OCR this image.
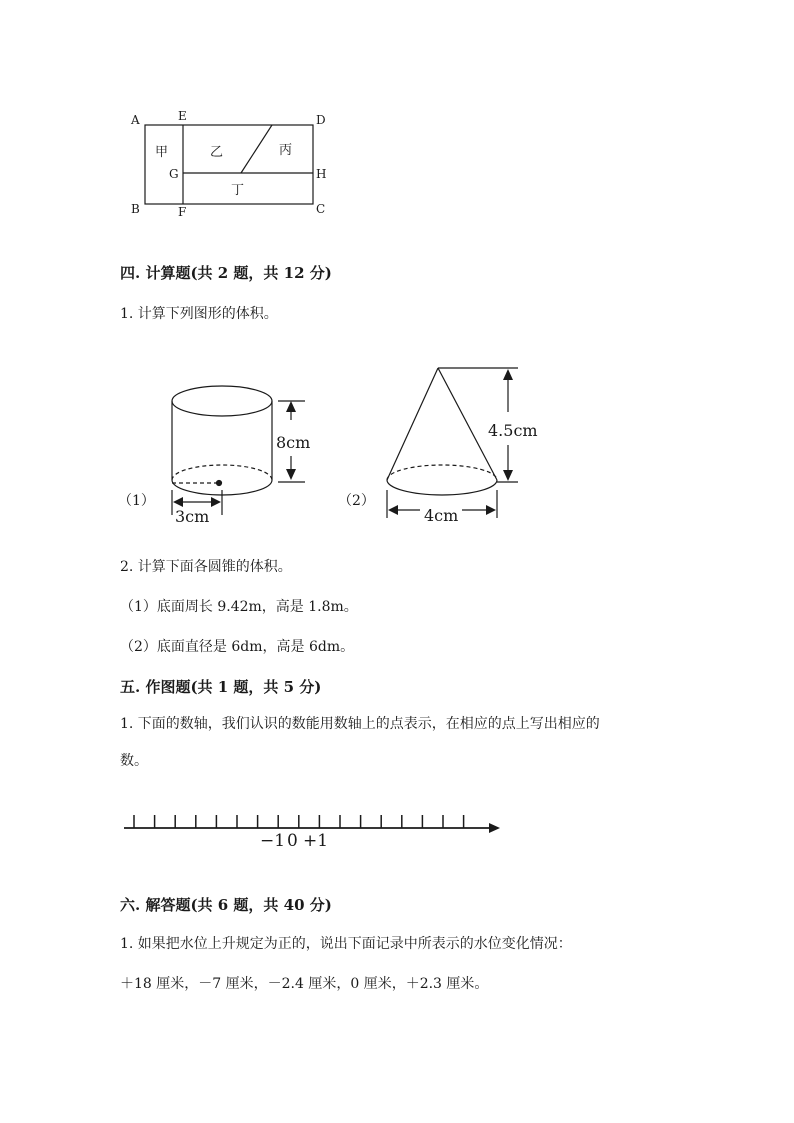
A	E	D
G	H
B	F	C
甲	乙	丙
丁
四. 计算题(共 2 题，共 12 分)
1. 计算下列图形的体积。
8cm
3cm
（1）
4.5cm
4cm
（2）
2. 计算下面各圆锥的体积。
（1）底面周长 9.42m，高是 1.8m。
（2）底面直径是 6dm，高是 6dm。
五. 作图题(共 1 题，共 5 分)
1. 下面的数轴，我们认识的数能用数轴上的点表示，在相应的点上写出相应的
数。
−1 0 +1
六. 解答题(共 6 题，共 40 分)
1. 如果把水位上升规定为正的，说出下面记录中所表示的水位变化情况：
＋18 厘米，－7 厘米，－2.4 厘米，0 厘米，＋2.3 厘米。
